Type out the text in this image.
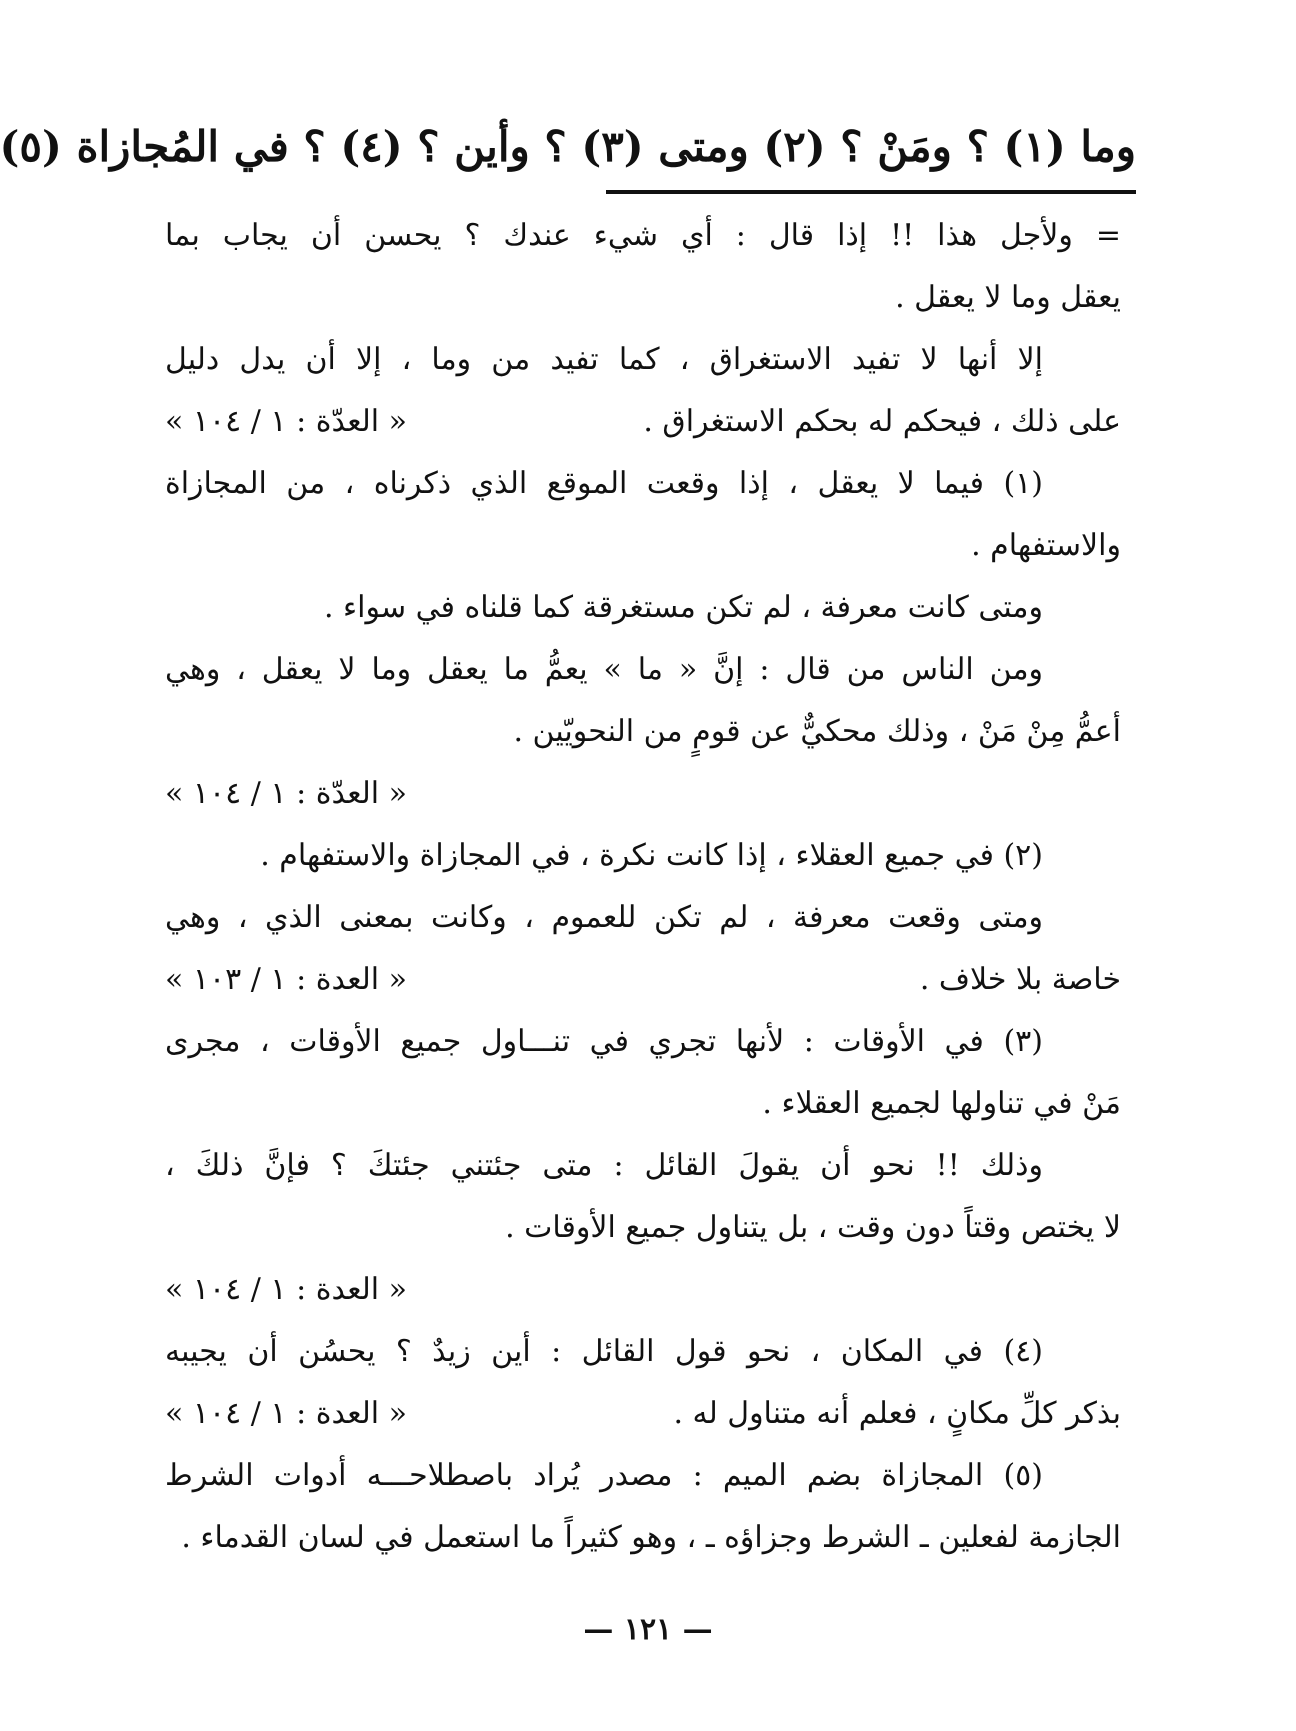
وما (١) ؟ ومَنْ ؟ (٢) ومتى (٣) ؟ وأين ؟ (٤) ؟ في المُجازاة (٥)
= ولأجل هذا !! إذا قال : أي شيء عندك ؟ يحسن أن يجاب بما
يعقل وما لا يعقل .
إلا أنها لا تفيد الاستغراق ، كما تفيد من وما ، إلا أن يدل دليل
على ذلك ، فيحكم له بحكم الاستغراق .
« العدّة : ١ / ١٠٤ »
(١) فيما لا يعقل ، إذا وقعت الموقع الذي ذكرناه ، من المجازاة
والاستفهام .
ومتى كانت معرفة ، لم تكن مستغرقة كما قلناه في سواء .
ومن الناس من قال : إنَّ « ما » يعمُّ ما يعقل وما لا يعقل ، وهي
أعمُّ مِنْ مَنْ ، وذلك محكيٌّ عن قومٍ من النحويّين .
« العدّة : ١ / ١٠٤ »
(٢) في جميع العقلاء ، إذا كانت نكرة ، في المجازاة والاستفهام .
ومتى وقعت معرفة ، لم تكن للعموم ، وكانت بمعنى الذي ، وهي
خاصة بلا خلاف .
« العدة : ١ / ١٠٣ »
(٣) في الأوقات : لأنها تجري في تنـــاول جميع الأوقات ، مجرى
مَنْ في تناولها لجميع العقلاء .
وذلك !! نحو أن يقولَ القائل : متى جئتني جئتكَ ؟ فإنَّ ذلكَ ،
لا يختص وقتاً دون وقت ، بل يتناول جميع الأوقات .
« العدة : ١ / ١٠٤ »
(٤) في المكان ، نحو قول القائل : أين زيدٌ ؟ يحسُن أن يجيبه
بذكر كلِّ مكانٍ ، فعلم أنه متناول له .
« العدة : ١ / ١٠٤ »
(٥) المجازاة بضم الميم : مصدر يُراد باصطلاحـــه أدوات الشرط
الجازمة لفعلين ـ الشرط وجزاؤه ـ ، وهو كثيراً ما استعمل في لسان القدماء .
— ١٢١ —
